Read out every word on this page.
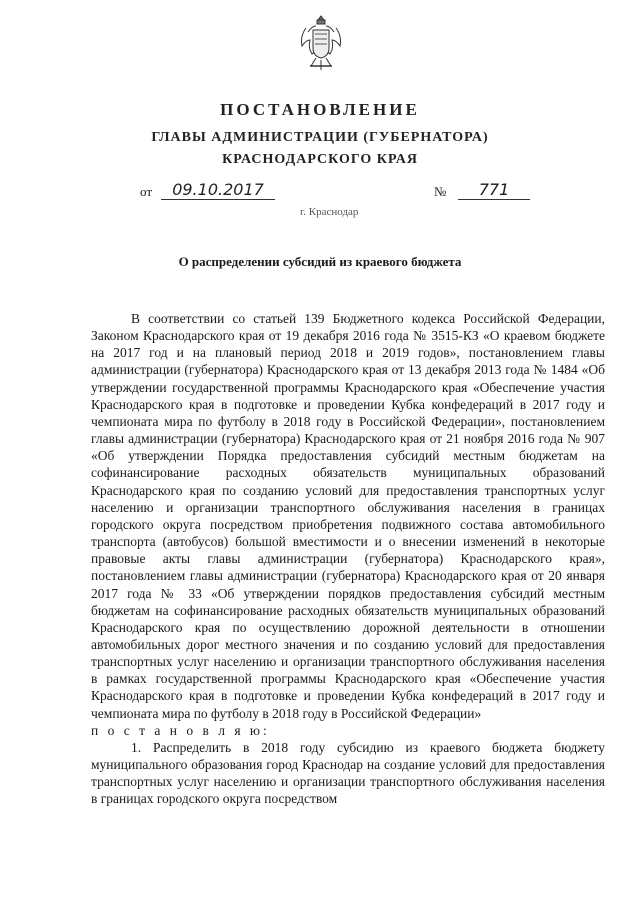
ПОСТАНОВЛЕНИЕ
ГЛАВЫ АДМИНИСТРАЦИИ (ГУБЕРНАТОРА)
КРАСНОДАРСКОГО КРАЯ
от	09.10.2017	№	771
г. Краснодар
О распределении субсидий из краевого бюджета

В соответствии со статьей 139 Бюджетного кодекса Российской Федерации, Законом Краснодарского края от 19 декабря 2016 года № 3515-КЗ «О краевом бюджете на 2017 год и на плановый период 2018 и 2019 годов», постановлением главы администрации (губернатора) Краснодарского края от 13 декабря 2013 года № 1484 «Об утверждении государственной программы Краснодарского края «Обеспечение участия Краснодарского края в подготовке и проведении Кубка конфедераций в 2017 году и чемпионата мира по футболу в 2018 году в Российской Федерации», постановлением главы администрации (губернатора) Краснодарского края от 21 ноября 2016 года № 907 «Об утверждении Порядка предоставления субсидий местным бюджетам на софинансирование расходных обязательств муниципальных образований Краснодарского края по созданию условий для предоставления транспортных услуг населению и организации транспортного обслуживания населения в границах городского округа посредством приобретения подвижного состава автомобильного транспорта (автобусов) большой вместимости и о внесении изменений в некоторые правовые акты главы администрации (губернатора) Краснодарского края», постановлением главы администрации (губернатора) Краснодарского края от 20 января 2017 года № 33 «Об утверждении порядков предоставления субсидий местным бюджетам на софинансирование расходных обязательств муниципальных образований Краснодарского края по осуществлению дорожной деятельности в отношении автомобильных дорог местного значения и по созданию условий для предоставления транспортных услуг населению и организации транспортного обслуживания населения в рамках государственной программы Краснодарского края «Обеспечение участия Краснодарского края в подготовке и проведении Кубка конфедераций в 2017 году и чемпионата мира по футболу в 2018 году в Российской Федерации»

п о с т а н о в л я ю:

1. Распределить в 2018 году субсидию из краевого бюджета бюджету муниципального образования город Краснодар на создание условий для предоставления транспортных услуг населению и организации транспортного обслуживания населения в границах городского округа посредством
